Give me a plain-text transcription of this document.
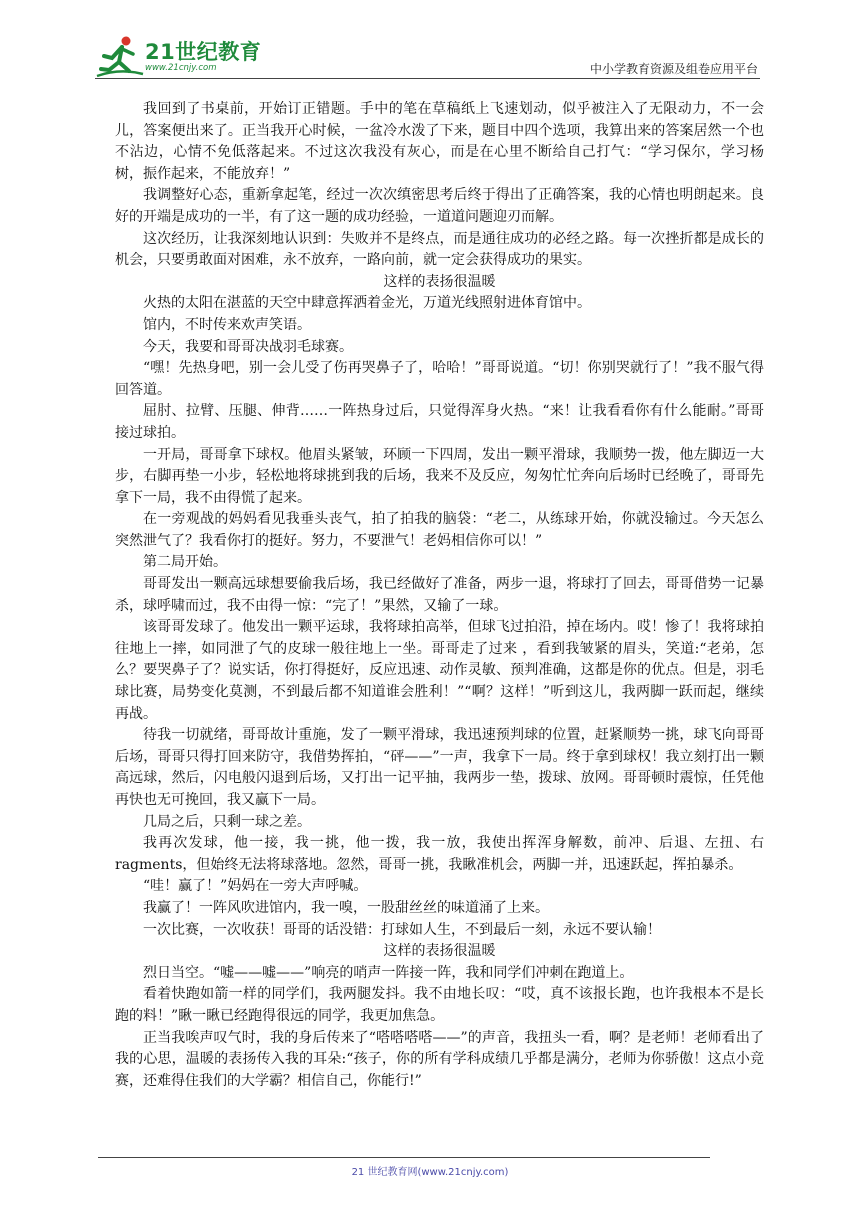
21世纪教育
www.21cnjy.com	中小学教育资源及组卷应用平台

我回到了书桌前，开始订正错题。手中的笔在草稿纸上飞速划动，似乎被注入了无限动力，不一会儿，答案便出来了。正当我开心时候，一盆冷水泼了下来，题目中四个选项，我算出来的答案居然一个也不沾边，心情不免低落起来。不过这次我没有灰心，而是在心里不断给自己打气：“学习保尔，学习杨树，振作起来，不能放弃！”

我调整好心态，重新拿起笔，经过一次次缜密思考后终于得出了正确答案，我的心情也明朗起来。良好的开端是成功的一半，有了这一题的成功经验，一道道问题迎刃而解。

这次经历，让我深刻地认识到：失败并不是终点，而是通往成功的必经之路。每一次挫折都是成长的机会，只要勇敢面对困难，永不放弃，一路向前，就一定会获得成功的果实。

这样的表扬很温暖

火热的太阳在湛蓝的天空中肆意挥洒着金光，万道光线照射进体育馆中。

馆内，不时传来欢声笑语。

今天，我要和哥哥决战羽毛球赛。

“嘿！先热身吧，别一会儿受了伤再哭鼻子了，哈哈！”哥哥说道。“切！你别哭就行了！”我不服气得回答道。

屈肘、拉臂、压腿、伸背……一阵热身过后，只觉得浑身火热。“来！让我看看你有什么能耐。”哥哥接过球拍。

一开局，哥哥拿下球权。他眉头紧皱，环顾一下四周，发出一颗平滑球，我顺势一拨，他左脚迈一大步，右脚再垫一小步，轻松地将球挑到我的后场，我来不及反应，匆匆忙忙奔向后场时已经晚了，哥哥先拿下一局，我不由得慌了起来。

在一旁观战的妈妈看见我垂头丧气，拍了拍我的脑袋：“老二，从练球开始，你就没输过。今天怎么突然泄气了？我看你打的挺好。努力，不要泄气！老妈相信你可以！”

第二局开始。

哥哥发出一颗高远球想要偷我后场，我已经做好了准备，两步一退，将球打了回去，哥哥借势一记暴杀，球呼啸而过，我不由得一惊：“完了！”果然，又输了一球。

该哥哥发球了。他发出一颗平运球，我将球拍高举，但球飞过拍沿，掉在场内。哎！惨了！我将球拍往地上一摔，如同泄了气的皮球一般往地上一坐。哥哥走了过来 ，看到我皱紧的眉头，笑道:“老弟，怎么？要哭鼻子了？说实话，你打得挺好，反应迅速、动作灵敏、预判准确，这都是你的优点。但是，羽毛球比赛，局势变化莫测，不到最后都不知道谁会胜利！”“啊？这样！”听到这儿，我两脚一跃而起，继续再战。

待我一切就绪，哥哥故计重施，发了一颗平滑球，我迅速预判球的位置，赶紧顺势一挑，球飞向哥哥后场，哥哥只得打回来防守，我借势挥拍，“砰——”一声，我拿下一局。终于拿到球权！我立刻打出一颗高远球，然后，闪电般闪退到后场，又打出一记平抽，我两步一垫，拨球、放网。哥哥顿时震惊，任凭他再快也无可挽回，我又赢下一局。

几局之后，只剩一球之差。

我再次发球，他一接，我一挑，他一拨，我一放，我使出挥浑身解数，前冲、后退、左扭、右ragments，但始终无法将球落地。忽然，哥哥一挑，我瞅准机会，两脚一并，迅速跃起，挥拍暴杀。

“哇！赢了！”妈妈在一旁大声呼喊。

我赢了！一阵风吹进馆内，我一嗅，一股甜丝丝的味道涌了上来。

一次比赛，一次收获！哥哥的话没错：打球如人生，不到最后一刻，永远不要认输！

这样的表扬很温暖

烈日当空。“嘘——嘘——”响亮的哨声一阵接一阵，我和同学们冲刺在跑道上。

看着快跑如箭一样的同学们，我两腿发抖。我不由地长叹：“哎，真不该报长跑，也许我根本不是长跑的料！”瞅一瞅已经跑得很远的同学，我更加焦急。

正当我唉声叹气时，我的身后传来了“嗒嗒嗒嗒——”的声音，我扭头一看，啊？是老师！老师看出了我的心思，温暖的表扬传入我的耳朵:“孩子，你的所有学科成绩几乎都是满分，老师为你骄傲！这点小竞赛，还难得住我们的大学霸？相信自己，你能行!”

21 世纪教育网(www.21cnjy.com)
